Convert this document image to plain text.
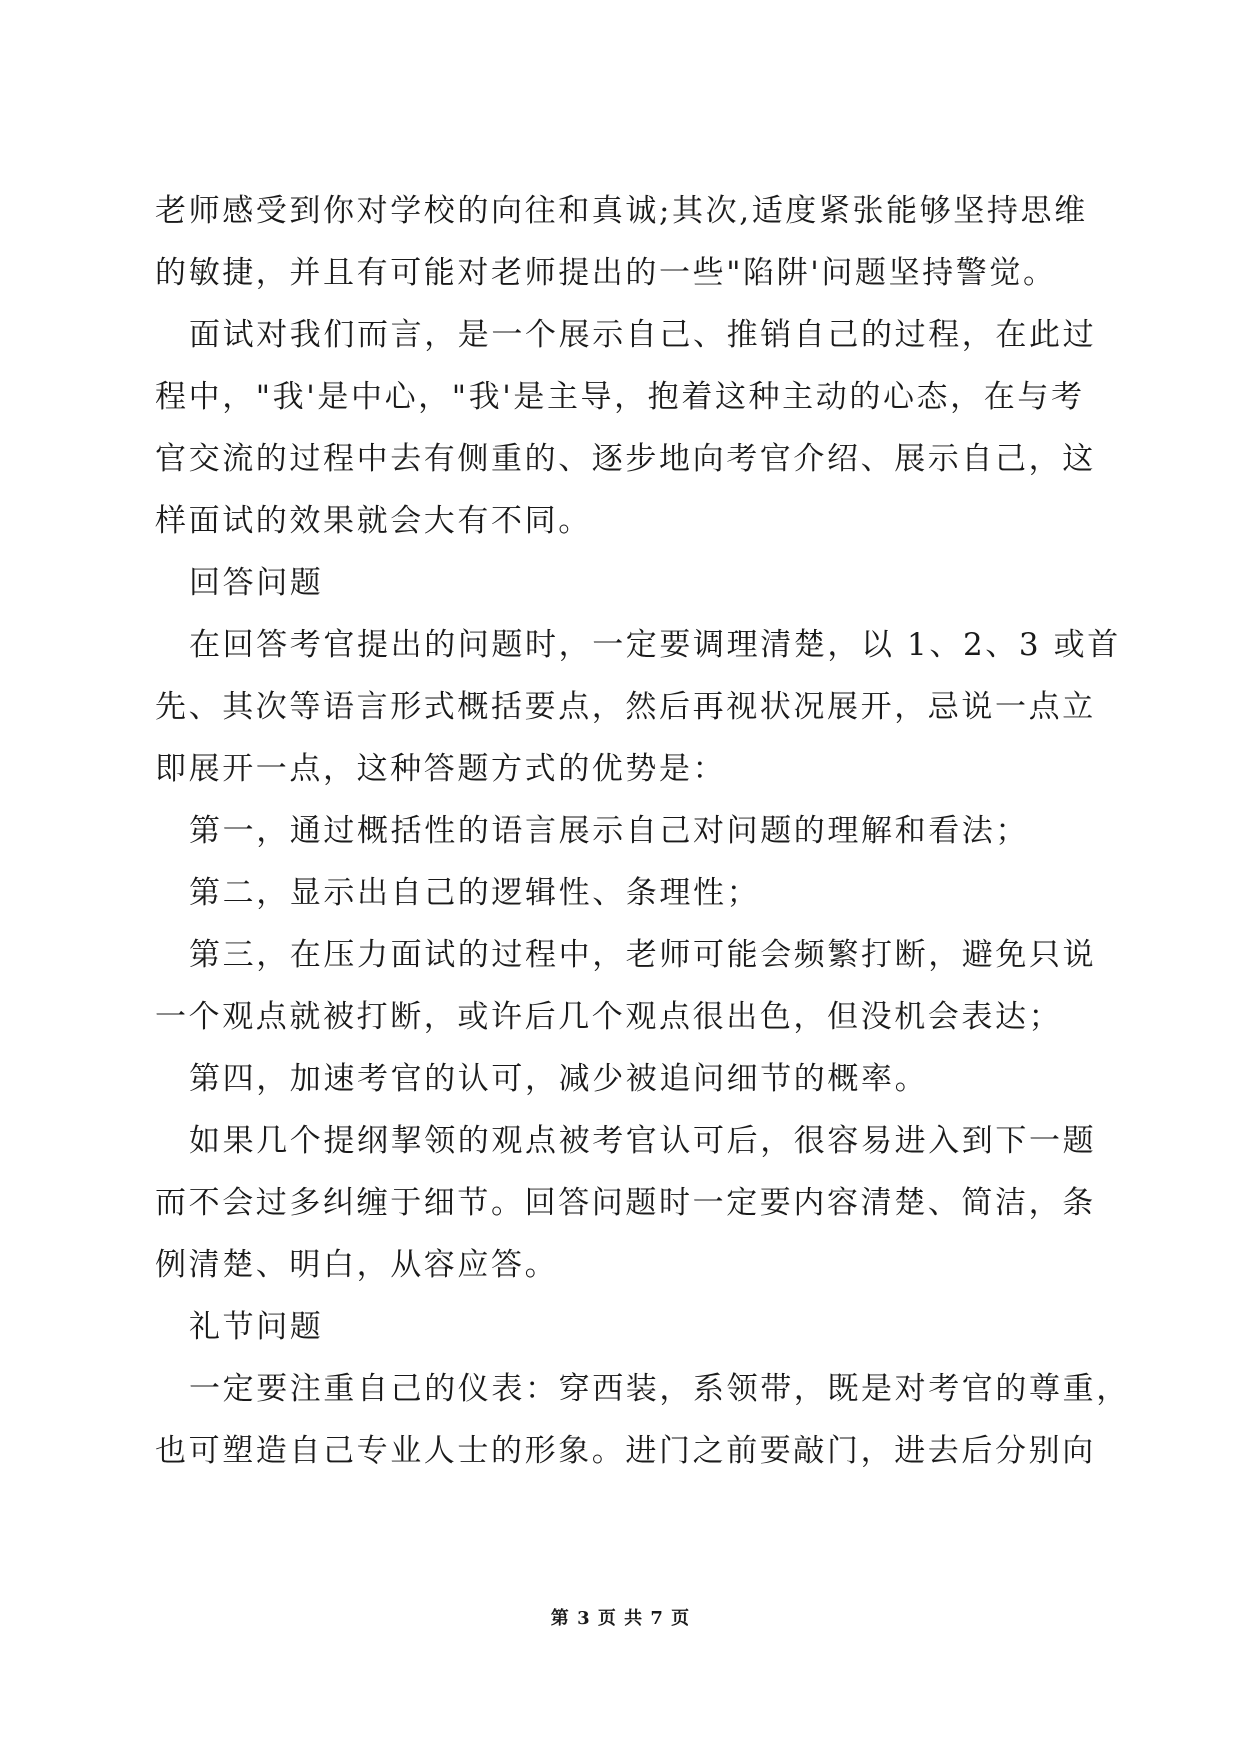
老师感受到你对学校的向往和真诚;其次,适度紧张能够坚持思维
的敏捷，并且有可能对老师提出的一些"陷阱'问题坚持警觉。
面试对我们而言，是一个展示自己、推销自己的过程，在此过
程中，"我'是中心，"我'是主导，抱着这种主动的心态，在与考
官交流的过程中去有侧重的、逐步地向考官介绍、展示自己，这
样面试的效果就会大有不同。
回答问题
在回答考官提出的问题时，一定要调理清楚，以 1、2、3 或首
先、其次等语言形式概括要点，然后再视状况展开，忌说一点立
即展开一点，这种答题方式的优势是：
第一，通过概括性的语言展示自己对问题的理解和看法；
第二，显示出自己的逻辑性、条理性；
第三，在压力面试的过程中，老师可能会频繁打断，避免只说
一个观点就被打断，或许后几个观点很出色，但没机会表达；
第四，加速考官的认可，减少被追问细节的概率。
如果几个提纲挈领的观点被考官认可后，很容易进入到下一题
而不会过多纠缠于细节。回答问题时一定要内容清楚、简洁，条
例清楚、明白，从容应答。
礼节问题
一定要注重自己的仪表：穿西装，系领带，既是对考官的尊重，
也可塑造自己专业人士的形象。进门之前要敲门，进去后分别向
第 3 页 共 7 页
